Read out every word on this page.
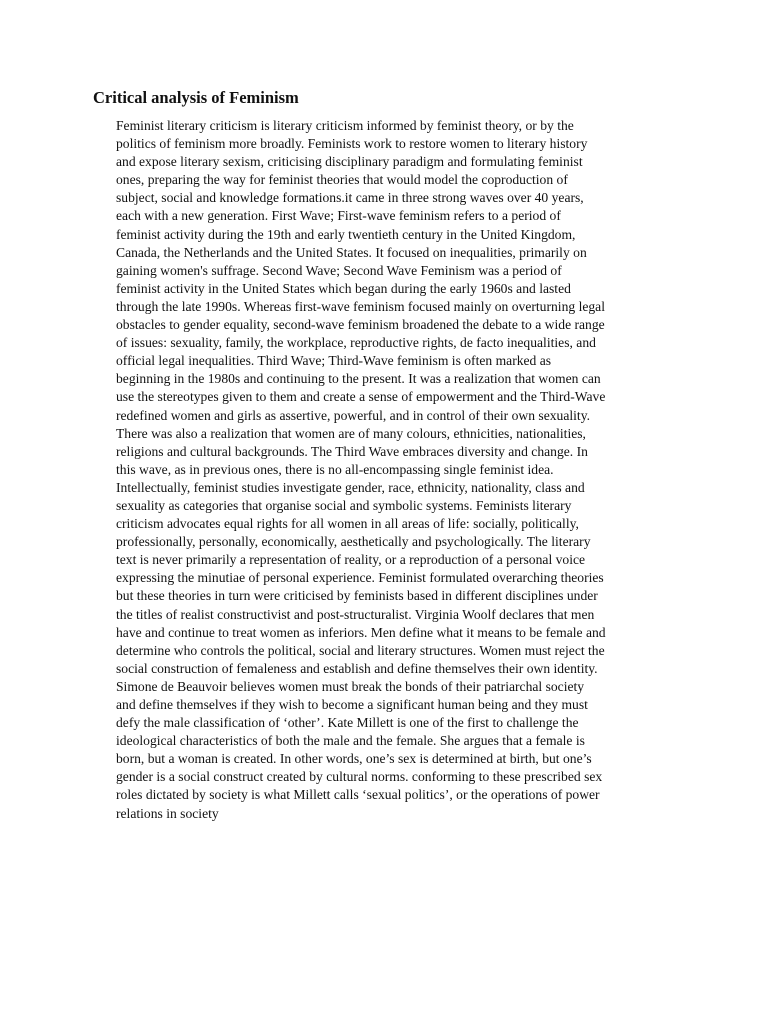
Critical analysis of Feminism
Feminist literary criticism is literary criticism informed by feminist theory, or by the
politics of feminism more broadly. Feminists work to restore women to literary history
and expose literary sexism, criticising disciplinary paradigm and formulating feminist
ones, preparing the way for feminist theories that would model the coproduction of
subject, social and knowledge formations.it came in three strong waves over 40 years,
each with a new generation. First Wave; First-wave feminism refers to a period of
feminist activity during the 19th and early twentieth century in the United Kingdom,
Canada, the Netherlands and the United States. It focused on inequalities, primarily on
gaining women's suffrage. Second Wave; Second Wave Feminism was a period of
feminist activity in the United States which began during the early 1960s and lasted
through the late 1990s. Whereas first-wave feminism focused mainly on overturning legal
obstacles to gender equality, second-wave feminism broadened the debate to a wide range
of issues: sexuality, family, the workplace, reproductive rights, de facto inequalities, and
official legal inequalities. Third Wave; Third-Wave feminism is often marked as
beginning in the 1980s and continuing to the present. It was a realization that women can
use the stereotypes given to them and create a sense of empowerment and the Third-Wave
redefined women and girls as assertive, powerful, and in control of their own sexuality.
There was also a realization that women are of many colours, ethnicities, nationalities,
religions and cultural backgrounds. The Third Wave embraces diversity and change. In
this wave, as in previous ones, there is no all-encompassing single feminist idea.
Intellectually, feminist studies investigate gender, race, ethnicity, nationality, class and
sexuality as categories that organise social and symbolic systems. Feminists literary
criticism advocates equal rights for all women in all areas of life: socially, politically,
professionally, personally, economically, aesthetically and psychologically. The literary
text is never primarily a representation of reality, or a reproduction of a personal voice
expressing the minutiae of personal experience. Feminist formulated overarching theories
but these theories in turn were criticised by feminists based in different disciplines under
the titles of realist constructivist and post-structuralist. Virginia Woolf declares that men
have and continue to treat women as inferiors. Men define what it means to be female and
determine who controls the political, social and literary structures. Women must reject the
social construction of femaleness and establish and define themselves their own identity.
Simone de Beauvoir believes women must break the bonds of their patriarchal society
and define themselves if they wish to become a significant human being and they must
defy the male classification of ‘other’. Kate Millett is one of the first to challenge the
ideological characteristics of both the male and the female. She argues that a female is
born, but a woman is created. In other words, one’s sex is determined at birth, but one’s
gender is a social construct created by cultural norms. conforming to these prescribed sex
roles dictated by society is what Millett calls ‘sexual politics’, or the operations of power
relations in society
